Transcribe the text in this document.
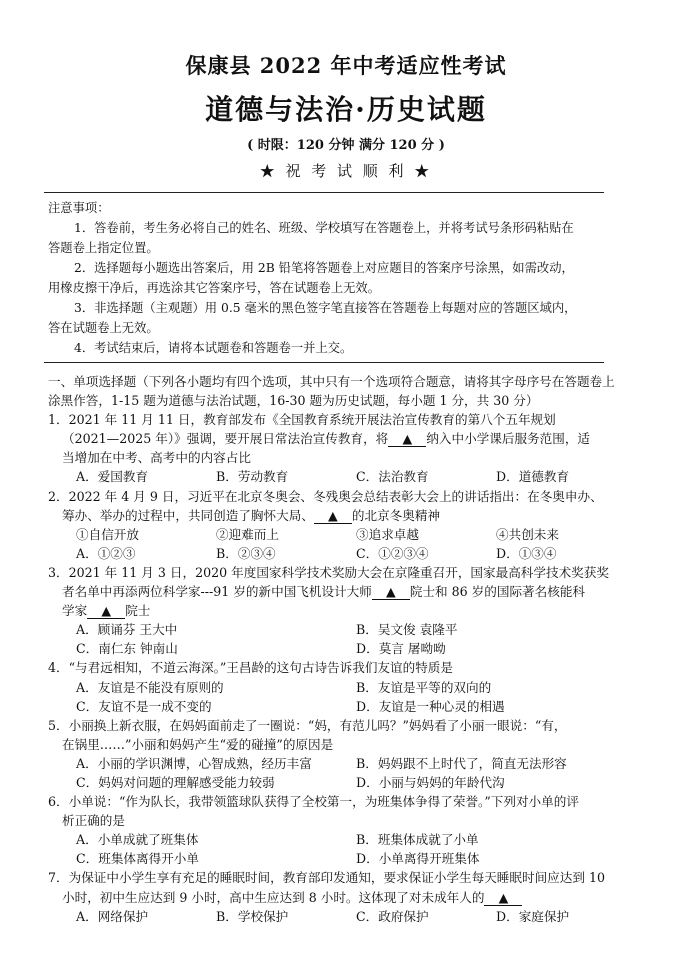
保康县 2022 年中考适应性考试
道德与法治·历史试题
( 时限：120 分钟 满分 120 分 )
★ 祝 考 试 顺 利 ★

注意事项：

1．答卷前，考生务必将自己的姓名、班级、学校填写在答题卷上，并将考试号条形码粘贴在

答题卷上指定位置。

2．选择题每小题选出答案后，用 2B 铅笔将答题卷上对应题目的答案序号涂黑，如需改动，

用橡皮擦干净后，再选涂其它答案序号，答在试题卷上无效。

3．非选择题（主观题）用 0.5 毫米的黑色签字笔直接答在答题卷上每题对应的答题区域内，

答在试题卷上无效。

4．考试结束后，请将本试题卷和答题卷一并上交。

一、单项选择题（下列各小题均有四个选项，其中只有一个选项符合题意，请将其字母序号在答题卷上

涂黑作答，1-15 题为道德与法治试题，16-30 题为历史试题，每小题 1 分，共 30 分）

1．2021 年 11 月 11 日，教育部发布《全国教育系统开展法治宣传教育的第八个五年规划

（2021—2025 年）》强调，要开展日常法治宣传教育，将 ▲ 纳入中小学课后服务范围，适

当增加在中考、高考中的内容占比

A．爱国教育	B．劳动教育	C．法治教育	D．道德教育

2．2022 年 4 月 9 日，习近平在北京冬奥会、冬残奥会总结表彰大会上的讲话指出：在冬奥申办、

筹办、举办的过程中，共同创造了胸怀大局、 ▲ 的北京冬奥精神

①自信开放	②迎难而上	③追求卓越	④共创未来
A．①②③	B．②③④	C．①②③④	D．①③④

3．2021 年 11 月 3 日，2020 年度国家科学技术奖励大会在京隆重召开，国家最高科学技术奖获奖

者名单中再添两位科学家---91 岁的新中国飞机设计大师 ▲ 院士和 86 岁的国际著名核能科

学家 ▲ 院士

A．顾诵芬 王大中	B．吴文俊 袁隆平
C．南仁东 钟南山	D．莫言 屠呦呦

4．“与君远相知，不道云海深。”王昌龄的这句古诗告诉我们友谊的特质是

A．友谊是不能没有原则的	B．友谊是平等的双向的
C．友谊不是一成不变的	D．友谊是一种心灵的相遇

5．小丽换上新衣服，在妈妈面前走了一圈说：“妈，有范儿吗？”妈妈看了小丽一眼说：“有，

在锅里……”小丽和妈妈产生“爱的碰撞”的原因是

A．小丽的学识渊博，心智成熟，经历丰富	B．妈妈跟不上时代了，简直无法形容
C．妈妈对问题的理解感受能力较弱	D．小丽与妈妈的年龄代沟

6．小单说：“作为队长，我带领篮球队获得了全校第一，为班集体争得了荣誉。”下列对小单的评

析正确的是

A．小单成就了班集体	B．班集体成就了小单
C．班集体离得开小单	D．小单离得开班集体

7．为保证中小学生享有充足的睡眠时间，教育部印发通知，要求保证小学生每天睡眠时间应达到 10

小时，初中生应达到 9 小时，高中生应达到 8 小时。这体现了对未成年人的 ▲

A．网络保护	B．学校保护	C．政府保护	D．家庭保护
